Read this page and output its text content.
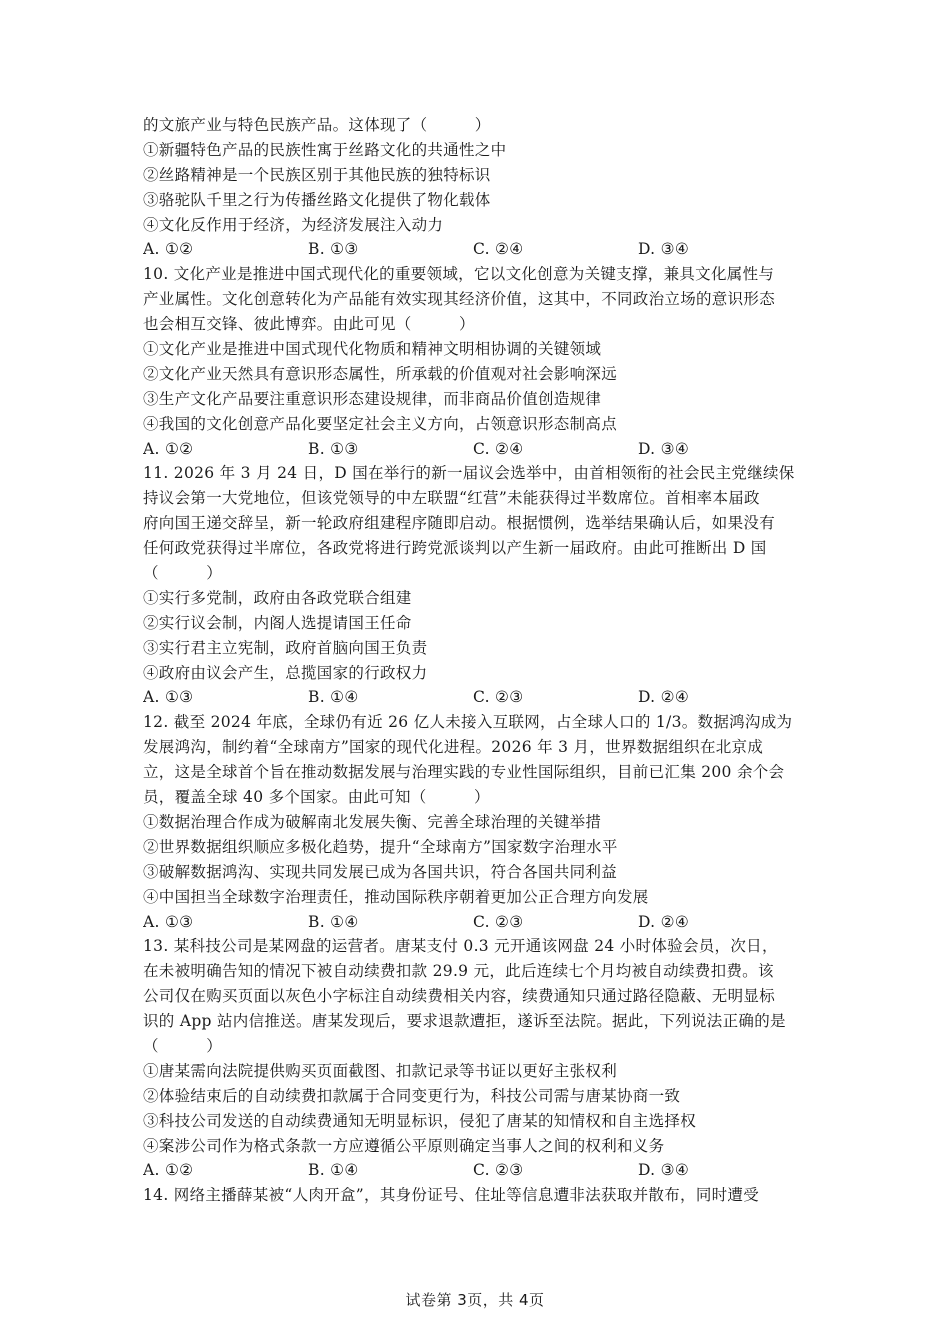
的文旅产业与特色民族产品。这体现了（　　　）
①新疆特色产品的民族性寓于丝路文化的共通性之中
②丝路精神是一个民族区别于其他民族的独特标识
③骆驼队千里之行为传播丝路文化提供了物化载体
④文化反作用于经济，为经济发展注入动力
A. ①②	B. ①③	C. ②④	D. ③④
10. 文化产业是推进中国式现代化的重要领域，它以文化创意为关键支撑，兼具文化属性与
产业属性。文化创意转化为产品能有效实现其经济价值，这其中，不同政治立场的意识形态
也会相互交锋、彼此博弈。由此可见（　　　）
①文化产业是推进中国式现代化物质和精神文明相协调的关键领域
②文化产业天然具有意识形态属性，所承载的价值观对社会影响深远
③生产文化产品要注重意识形态建设规律，而非商品价值创造规律
④我国的文化创意产品化要坚定社会主义方向，占领意识形态制高点
A. ①②	B. ①③	C. ②④	D. ③④
11. 2026 年 3 月 24 日，D 国在举行的新一届议会选举中，由首相领衔的社会民主党继续保
持议会第一大党地位，但该党领导的中左联盟“红营”未能获得过半数席位。首相率本届政
府向国王递交辞呈，新一轮政府组建程序随即启动。根据惯例，选举结果确认后，如果没有
任何政党获得过半席位，各政党将进行跨党派谈判以产生新一届政府。由此可推断出 D 国
（　　　）
①实行多党制，政府由各政党联合组建
②实行议会制，内阁人选提请国王任命
③实行君主立宪制，政府首脑向国王负责
④政府由议会产生，总揽国家的行政权力
A. ①③	B. ①④	C. ②③	D. ②④
12. 截至 2024 年底，全球仍有近 26 亿人未接入互联网，占全球人口的 1/3。数据鸿沟成为
发展鸿沟，制约着“全球南方”国家的现代化进程。2026 年 3 月，世界数据组织在北京成
立，这是全球首个旨在推动数据发展与治理实践的专业性国际组织，目前已汇集 200 余个会
员，覆盖全球 40 多个国家。由此可知（　　　）
①数据治理合作成为破解南北发展失衡、完善全球治理的关键举措
②世界数据组织顺应多极化趋势，提升“全球南方”国家数字治理水平
③破解数据鸿沟、实现共同发展已成为各国共识，符合各国共同利益
④中国担当全球数字治理责任，推动国际秩序朝着更加公正合理方向发展
A. ①③	B. ①④	C. ②③	D. ②④
13. 某科技公司是某网盘的运营者。唐某支付 0.3 元开通该网盘 24 小时体验会员，次日，
在未被明确告知的情况下被自动续费扣款 29.9 元，此后连续七个月均被自动续费扣费。该
公司仅在购买页面以灰色小字标注自动续费相关内容，续费通知只通过路径隐蔽、无明显标
识的 App 站内信推送。唐某发现后，要求退款遭拒，遂诉至法院。据此，下列说法正确的是
（　　　）
①唐某需向法院提供购买页面截图、扣款记录等书证以更好主张权利
②体验结束后的自动续费扣款属于合同变更行为，科技公司需与唐某协商一致
③科技公司发送的自动续费通知无明显标识，侵犯了唐某的知情权和自主选择权
④案涉公司作为格式条款一方应遵循公平原则确定当事人之间的权利和义务
A. ①②	B. ①④	C. ②③	D. ③④
14. 网络主播薛某被“人肉开盒”，其身份证号、住址等信息遭非法获取并散布，同时遭受
试卷第 3页，共 4页
